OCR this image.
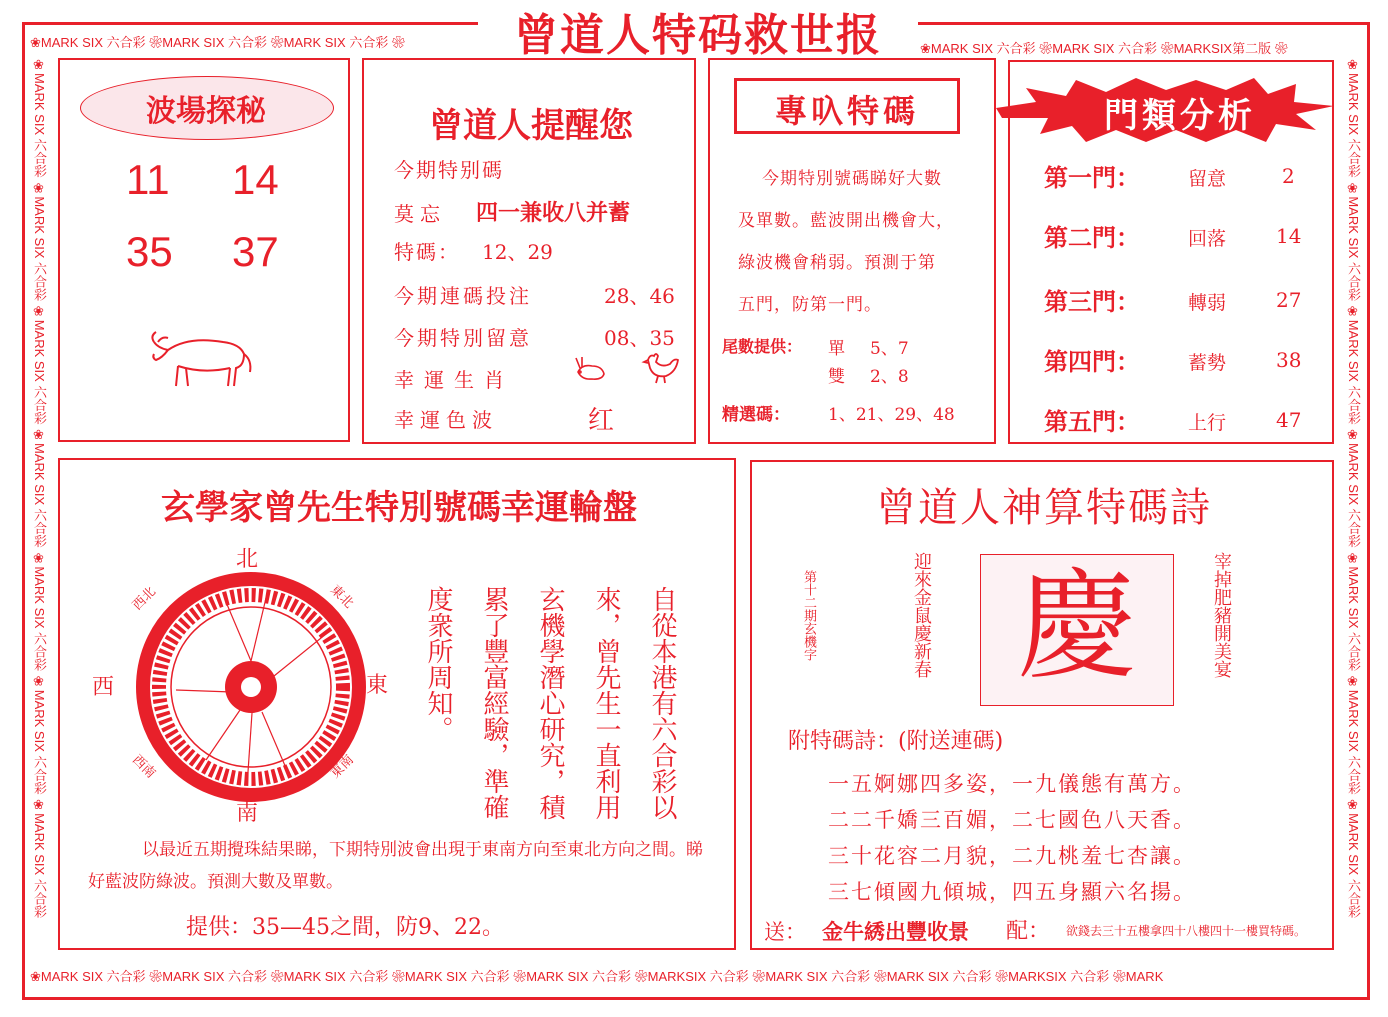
❀MARK SIX 六合彩 ❀MARK SIX 六合彩 ❀MARK SIX 六合彩 ❀	❀MARK SIX 六合彩 ❀MARK SIX 六合彩 ❀MARKSIX第二版 ❀
❀MARK SIX 六合彩 ❀MARK SIX 六合彩 ❀MARK SIX 六合彩 ❀MARK SIX 六合彩 ❀MARK SIX 六合彩 ❀MARKSIX 六合彩 ❀MARK SIX 六合彩 ❀MARK SIX 六合彩 ❀MARKSIX 六合彩 ❀MARK
❀MARK SIX 六合彩 ❀MARK SIX 六合彩 ❀MARK SIX 六合彩 ❀MARK SIX 六合彩 ❀MARK SIX 六合彩 ❀MARK SIX 六合彩 ❀MARK SIX 六合彩	❀MARK SIX 六合彩 ❀MARK SIX 六合彩 ❀MARK SIX 六合彩 ❀MARK SIX 六合彩 ❀MARK SIX 六合彩 ❀MARK SIX 六合彩 ❀MARK SIX 六合彩
曾道人特码救世报
波場探秘
11 14
35 37
曾道人提醒您
今期特别碼
莫忘 四一兼收八并蓄
特碼： 12、29
今期連碼投注	28、46
今期特別留意	08、35
幸運生肖
幸運色波	红
專叺特碼
今期特別號碼睇好大數
及單數。藍波開出機會大，
綠波機會稍弱。預測于第
五門，防第一門。
尾數提供： 單 5、7
雙 2、8
精選碼： 1、21、29、48
門類分析
第一門：	留意	2
第二門：	回落 14
第三門：	轉弱 27
第四門：	蓄勢 38
第五門：	上行 47
玄學家曾先生特別號碼幸運輪盤
北
南
西	東
西北	東北
西南	東南	自從本港有六合彩以
來，曾先生一直利用
玄機學潛心研究，積
累了豐富經驗，準確
度衆所周知。
以最近五期攪珠結果睇，下期特別波會出現于東南方向至東北方向之間。睇好藍波防綠波。預測大數及單數。
提供：35—45之間，防9、22。
曾道人神算特碼詩
第十二期玄機字	迎來金鼠慶新春 慶	宰掉肥豬開美宴
附特碼詩：(附送連碼)
一五婀娜四多姿，一九儀態有萬方。
二二千嬌三百媚，二七國色八天香。
三十花容二月貌，二九桃羞七杏讓。
三七傾國九傾城，四五身顯六名揚。
送： 金牛綉出豐收景 配： 欲錢去三十五樓拿四十八樓四十一樓買特碼。
